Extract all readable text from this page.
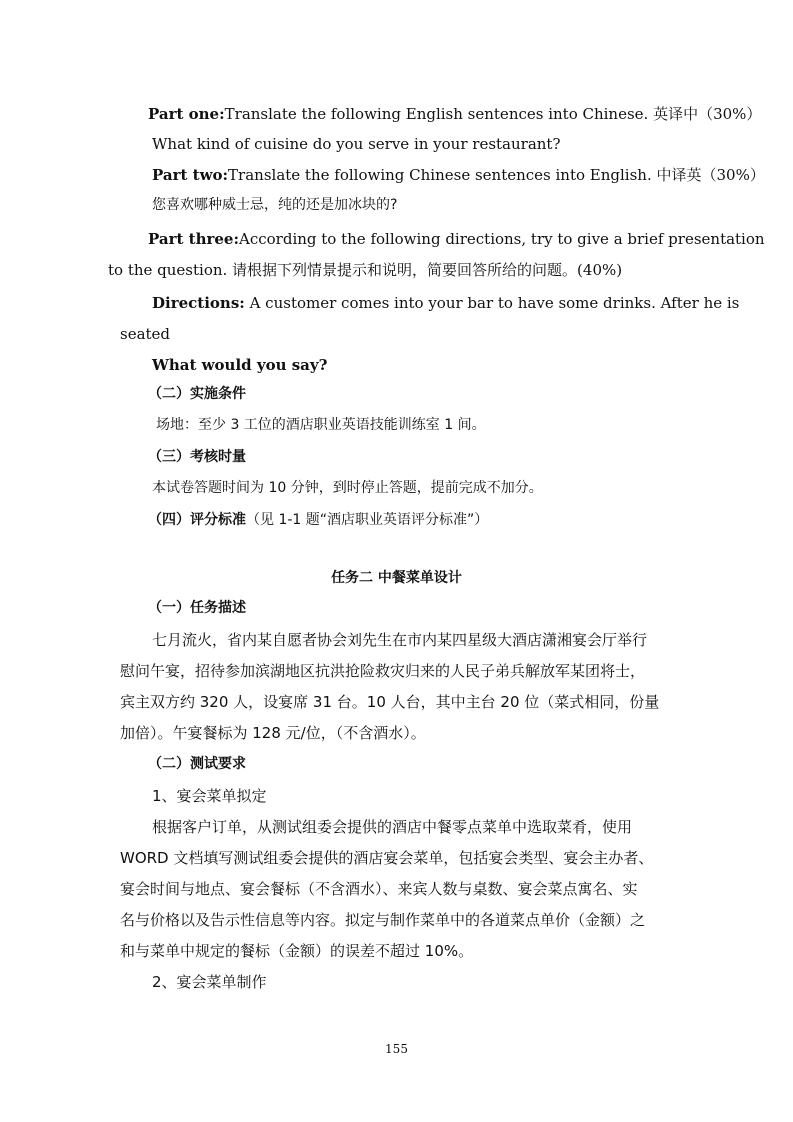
Part one:Translate the following English sentences into Chinese. 英译中（30%）
What kind of cuisine do you serve in your restaurant?
Part two:Translate the following Chinese sentences into English. 中译英（30%）
您喜欢哪种威士忌，纯的还是加冰块的?
Part three:According to the following directions, try to give a brief presentation
to the question. 请根据下列情景提示和说明，简要回答所给的问题。(40%)
Directions: A customer comes into your bar to have some drinks. After he is
seated
What would you say?
（二）实施条件
场地：至少 3 工位的酒店职业英语技能训练室 1 间。
（三）考核时量
本试卷答题时间为 10 分钟，到时停止答题，提前完成不加分。
（四）评分标准（见 1-1 题“酒店职业英语评分标准”）
任务二 中餐菜单设计
（一）任务描述
七月流火，省内某自愿者协会刘先生在市内某四星级大酒店潇湘宴会厅举行
慰问午宴，招待参加滨湖地区抗洪抢险救灾归来的人民子弟兵解放军某团将士，
宾主双方约 320 人，设宴席 31 台。10 人台，其中主台 20 位（菜式相同，份量
加倍）。午宴餐标为 128 元/位，（不含酒水）。
（二）测试要求
1、宴会菜单拟定
根据客户订单，从测试组委会提供的酒店中餐零点菜单中选取菜肴，使用
WORD 文档填写测试组委会提供的酒店宴会菜单，包括宴会类型、宴会主办者、
宴会时间与地点、宴会餐标（不含酒水）、来宾人数与桌数、宴会菜点寓名、实
名与价格以及告示性信息等内容。拟定与制作菜单中的各道菜点单价（金额）之
和与菜单中规定的餐标（金额）的误差不超过 10%。
2、宴会菜单制作
155
